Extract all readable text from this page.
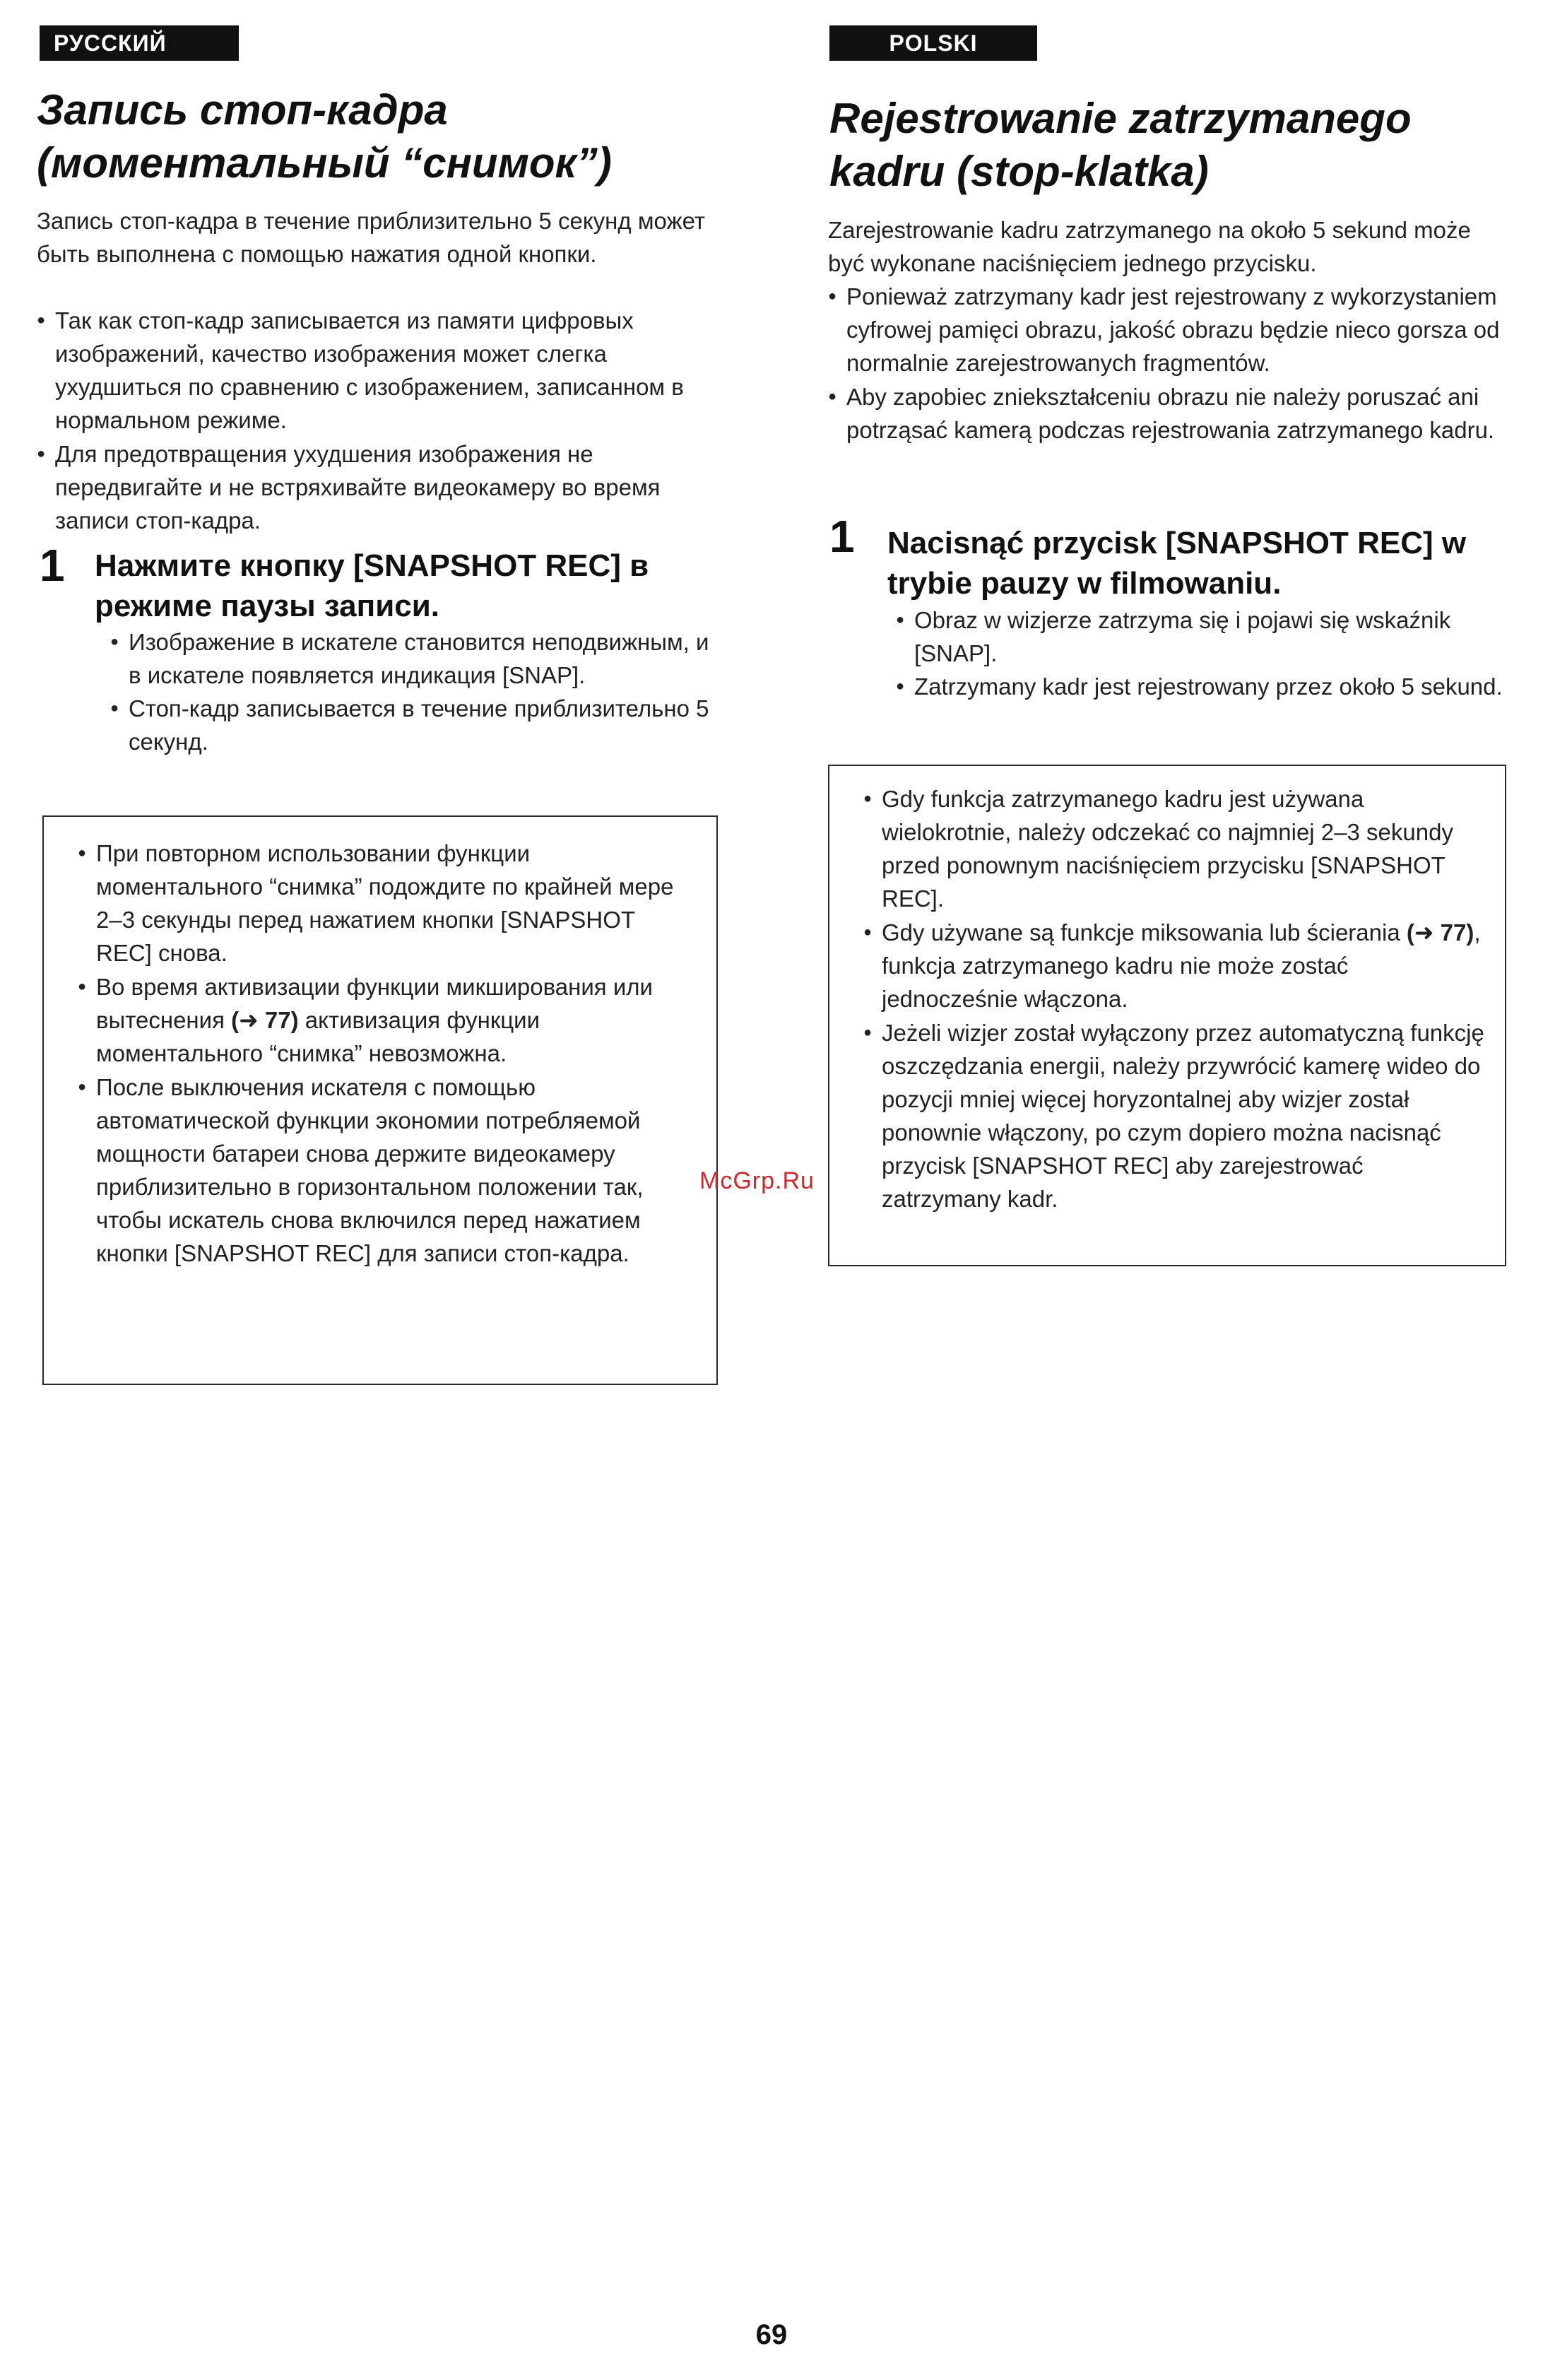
РУССКИЙ ЯЗЫК
Запись стоп-кадра (моментальный “снимок”)

Запись стоп-кадра в течение приблизительно 5 секунд может быть выполнена с помощью нажатия одной кнопки.

● Так как стоп-кадр записывается из памяти цифровых изображений, качество изображения может слегка ухудшиться по сравнению с изображением, записанном в нормальном режиме.
● Для предотвращения ухудшения изображения не передвигайте и не встряхивайте видеокамеру во время записи стоп-кадра.
1 Нажмите кнопку [SNAPSHOT REC] в режиме паузы записи.

● Изображение в искателе становится неподвижным, и в искателе появляется индикация [SNAP].
● Стоп-кадр записывается в течение приблизительно 5 секунд.
● При повторном использовании функции моментального “снимка” подождите по крайней мере 2–3 секунды перед нажатием кнопки [SNAPSHOT REC] снова.
● Во время активизации функции микширования или вытеснения (➜ 77) активизация функции моментального “снимка” невозможна.
● После выключения искателя с помощью автоматической функции экономии потребляемой мощности батареи снова держите видеокамеру приблизительно в горизонтальном положении так, чтобы искатель снова включился перед нажатием кнопки [SNAPSHOT REC] для записи стоп-кадра.
POLSKI
Rejestrowanie zatrzymanego kadru (stop-klatka)

Zarejestrowanie kadru zatrzymanego na około 5 sekund może być wykonane naciśnięciem jednego przycisku.

● Ponieważ zatrzymany kadr jest rejestrowany z wykorzystaniem cyfrowej pamięci obrazu, jakość obrazu będzie nieco gorsza od normalnie zarejestrowanych fragmentów.
● Aby zapobiec zniekształceniu obrazu nie należy poruszać ani potrząsać kamerą podczas rejestrowania zatrzymanego kadru.
1 Nacisnąć przycisk [SNAPSHOT REC] w trybie pauzy w filmowaniu.

● Obraz w wizjerze zatrzyma się i pojawi się wskaźnik [SNAP].
● Zatrzymany kadr jest rejestrowany przez około 5 sekund.
● Gdy funkcja zatrzymanego kadru jest używana wielokrotnie, należy odczekać co najmniej 2–3 sekundy przed ponownym naciśnięciem przycisku [SNAPSHOT REC].
● Gdy używane są funkcje miksowania lub ścierania (➜ 77), funkcja zatrzymanego kadru nie może zostać jednocześnie włączona.
● Jeżeli wizjer został wyłączony przez automatyczną funkcję oszczędzania energii, należy przywrócić kamerę wideo do pozycji mniej więcej horyzontalnej aby wizjer został ponownie włączony, po czym dopiero można nacisnąć przycisk [SNAPSHOT REC] aby zarejestrować zatrzymany kadr.
McGrp.Ru
69
